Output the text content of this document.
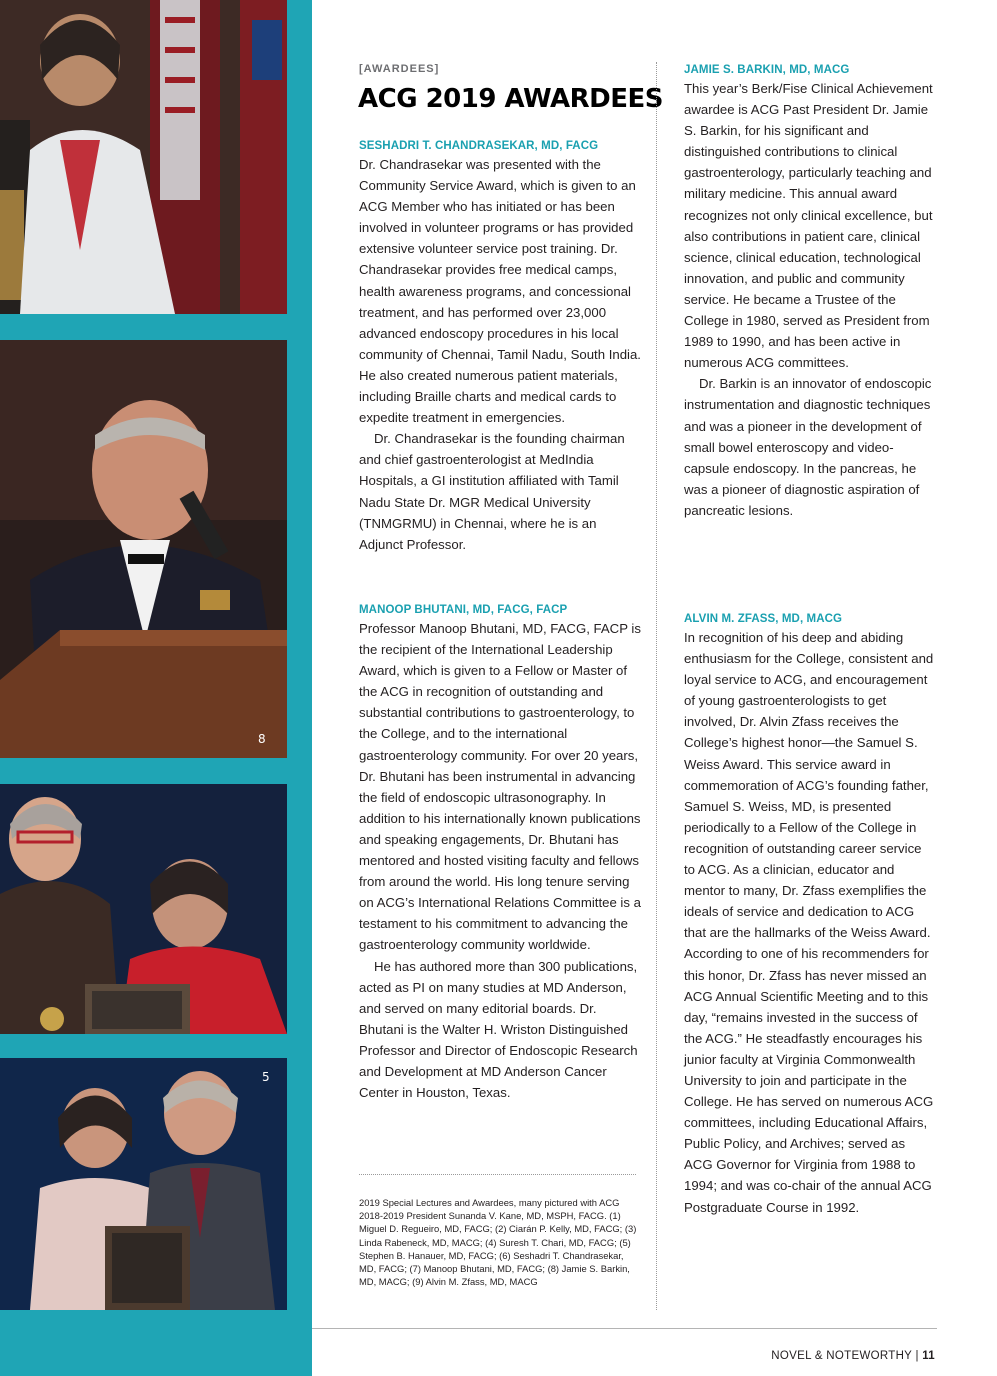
8
5
[AWARDEES]
ACG 2019 AWARDEES
SESHADRI T. CHANDRASEKAR, MD, FACG

Dr. Chandrasekar was presented with the Community Service Award, which is given to an ACG Member who has initiated or has been involved in volunteer programs or has provided extensive volunteer service post training. Dr. Chandrasekar provides free medical camps, health awareness programs, and concessional treatment, and has performed over 23,000 advanced endoscopy procedures in his local community of Chennai, Tamil Nadu, South India. He also created numerous patient materials, including Braille charts and medical cards to expedite treatment in emergencies.

Dr. Chandrasekar is the founding chairman and chief gastroenterologist at MedIndia Hospitals, a GI institution affiliated with Tamil Nadu State Dr. MGR Medical University (TNMGRMU) in Chennai, where he is an Adjunct Professor.

MANOOP BHUTANI, MD, FACG, FACP

Professor Manoop Bhutani, MD, FACG, FACP is the recipient of the International Leadership Award, which is given to a Fellow or Master of the ACG in recognition of outstanding and substantial contributions to gastroenterology, to the College, and to the international gastroenterology community. For over 20 years, Dr. Bhutani has been instrumental in advancing the field of endoscopic ultrasonography. In addition to his internationally known publications and speaking engagements, Dr. Bhutani has mentored and hosted visiting faculty and fellows from around the world. His long tenure serving on ACG’s International Relations Committee is a testament to his commitment to advancing the gastroenterology community worldwide.

He has authored more than 300 publications, acted as PI on many studies at MD Anderson, and served on many editorial boards. Dr. Bhutani is the Walter H. Wriston Distinguished Professor and Director of Endoscopic Research and Development at MD Anderson Cancer Center in Houston, Texas.

2019 Special Lectures and Awardees, many pictured with ACG 2018-2019 President Sunanda V. Kane, MD, MSPH, FACG. (1) Miguel D. Regueiro, MD, FACG; (2) Ciarán P. Kelly, MD, FACG; (3) Linda Rabeneck, MD, MACG; (4) Suresh T. Chari, MD, FACG; (5) Stephen B. Hanauer, MD, FACG; (6) Seshadri T. Chandrasekar, MD, FACG; (7) Manoop Bhutani, MD, FACG; (8) Jamie S. Barkin, MD, MACG; (9) Alvin M. Zfass, MD, MACG
JAMIE S. BARKIN, MD, MACG

This year’s Berk/Fise Clinical Achievement awardee is ACG Past President Dr. Jamie S. Barkin, for his significant and distinguished contributions to clinical gastroenterology, particularly teaching and military medicine. This annual award recognizes not only clinical excellence, but also contributions in patient care, clinical science, clinical education, technological innovation, and public and community service. He became a Trustee of the College in 1980, served as President from 1989 to 1990, and has been active in numerous ACG committees.

Dr. Barkin is an innovator of endoscopic instrumentation and diagnostic techniques and was a pioneer in the development of small bowel enteroscopy and video-capsule endoscopy. In the pancreas, he was a pioneer of diagnostic aspiration of pancreatic lesions.

ALVIN M. ZFASS, MD, MACG

In recognition of his deep and abiding enthusiasm for the College, consistent and loyal service to ACG, and encouragement of young gastroenterologists to get involved, Dr. Alvin Zfass receives the College’s highest honor—the Samuel S. Weiss Award. This service award in commemoration of ACG’s founding father, Samuel S. Weiss, MD, is presented periodically to a Fellow of the College in recognition of outstanding career service to ACG. As a clinician, educator and mentor to many, Dr. Zfass exemplifies the ideals of service and dedication to ACG that are the hallmarks of the Weiss Award. According to one of his recommenders for this honor, Dr. Zfass has never missed an ACG Annual Scientific Meeting and to this day, “remains invested in the success of the ACG.” He steadfastly encourages his junior faculty at Virginia Commonwealth University to join and participate in the College. He has served on numerous ACG committees, including Educational Affairs, Public Policy, and Archives; served as ACG Governor for Virginia from 1988 to 1994; and was co-chair of the annual ACG Postgraduate Course in 1992.

NOVEL & NOTEWORTHY | 11
